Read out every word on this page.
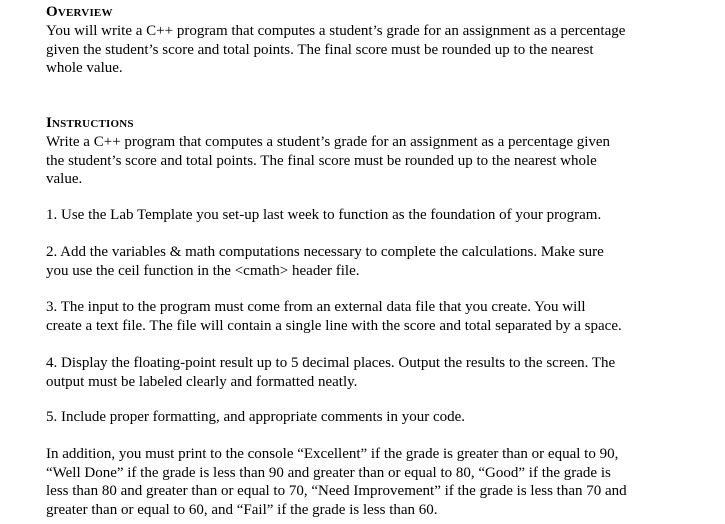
Overview
You will write a C++ program that computes a student’s grade for an assignment as a percentage
given the student’s score and total points. The final score must be rounded up to the nearest
whole value.
Instructions
Write a C++ program that computes a student’s grade for an assignment as a percentage given
the student’s score and total points. The final score must be rounded up to the nearest whole
value.
1. Use the Lab Template you set-up last week to function as the foundation of your program.
2. Add the variables & math computations necessary to complete the calculations. Make sure
you use the ceil function in the <cmath> header file.
3. The input to the program must come from an external data file that you create. You will
create a text file. The file will contain a single line with the score and total separated by a space.
4. Display the floating-point result up to 5 decimal places. Output the results to the screen. The
output must be labeled clearly and formatted neatly.
5. Include proper formatting, and appropriate comments in your code.
In addition, you must print to the console “Excellent” if the grade is greater than or equal to 90,
“Well Done” if the grade is less than 90 and greater than or equal to 80, “Good” if the grade is
less than 80 and greater than or equal to 70, “Need Improvement” if the grade is less than 70 and
greater than or equal to 60, and “Fail” if the grade is less than 60.
